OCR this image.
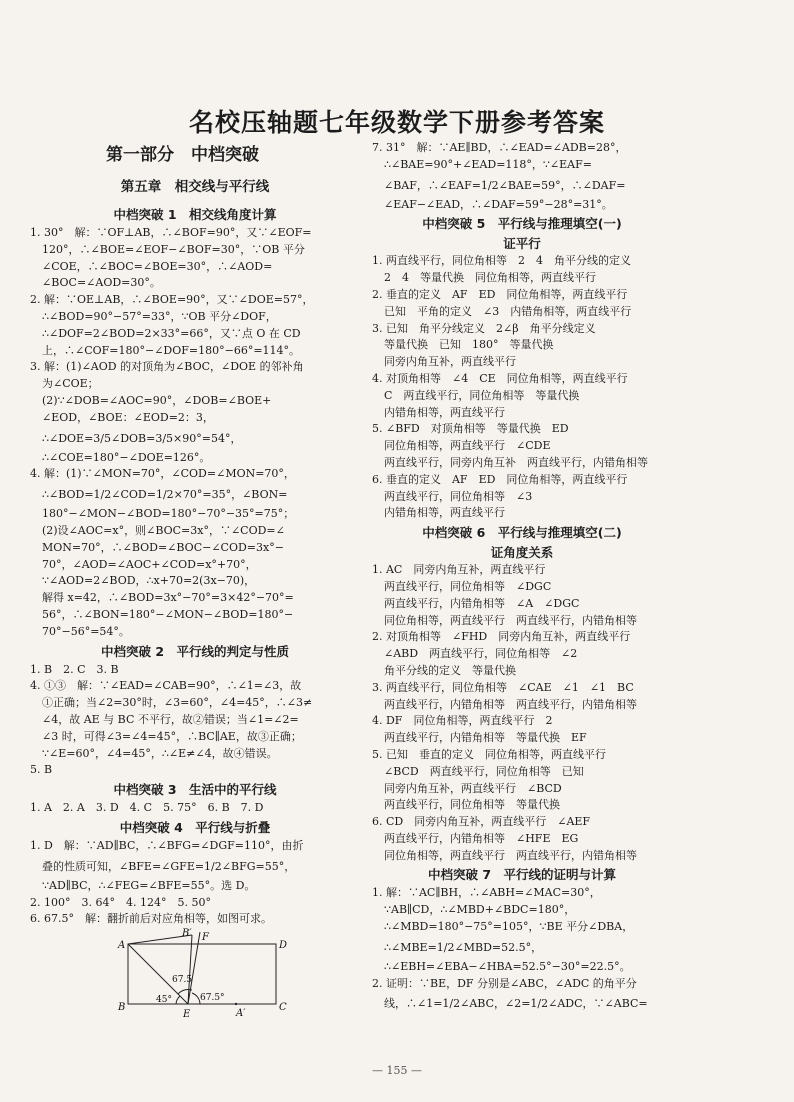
名校压轴题七年级数学下册参考答案
第一部分　中档突破
第五章　相交线与平行线
中档突破 1　相交线角度计算
1. 30°　解：∵OF⊥AB，∴∠BOF=90°，又∵∠EOF=
120°，∴∠BOE=∠EOF−∠BOF=30°，∵OB 平分
∠COE，∴∠BOC=∠BOE=30°，∴∠AOD=
∠BOC=∠AOD=30°。
2. 解：∵OE⊥AB，∴∠BOE=90°，又∵∠DOE=57°，
∴∠BOD=90°−57°=33°，∵OB 平分∠DOF，
∴∠DOF=2∠BOD=2×33°=66°，又∵点 O 在 CD
上，∴∠COF=180°−∠DOF=180°−66°=114°。
3. 解：(1)∠AOD 的对顶角为∠BOC，∠DOE 的邻补角
为∠COE；
(2)∵∠DOB=∠AOC=90°，∠DOB=∠BOE+
∠EOD，∠BOE：∠EOD=2：3，
∴∠DOE=3/5∠DOB=3/5×90°=54°，
∴∠COE=180°−∠DOE=126°。
4. 解：(1)∵∠MON=70°，∠COD=∠MON=70°，
∴∠BOD=1/2∠COD=1/2×70°=35°，∠BON=
180°−∠MON−∠BOD=180°−70°−35°=75°；
(2)设∠AOC=x°，则∠BOC=3x°，∵∠COD=∠
MON=70°，∴∠BOD=∠BOC−∠COD=3x°−
70°，∠AOD=∠AOC+∠COD=x°+70°，
∵∠AOD=2∠BOD，∴x+70=2(3x−70)，
解得 x=42，∴∠BOD=3x°−70°=3×42°−70°=
56°，∴∠BON=180°−∠MON−∠BOD=180°−
70°−56°=54°。
中档突破 2　平行线的判定与性质
1. B　2. C　3. B
4. ①③　解：∵∠EAD=∠CAB=90°，∴∠1=∠3，故
①正确；当∠2=30°时，∠3=60°，∠4=45°，∴∠3≠
∠4，故 AE 与 BC 不平行，故②错误；当∠1=∠2=
∠3 时，可得∠3=∠4=45°，∴BC∥AE，故③正确；
∵∠E=60°，∠4=45°，∴∠E≠∠4，故④错误。
5. B
中档突破 3　生活中的平行线
1. A　2. A　3. D　4. C　5. 75°　6. B　7. D
中档突破 4　平行线与折叠
1. D　解：∵AD∥BC，∴∠BFG=∠DGF=110°，由折
叠的性质可知，∠BFE=∠GFE=1/2∠BFG=55°，
∵AD∥BC，∴∠FEG=∠BFE=55°。选 D。
2. 100°　3. 64°　4. 124°　5. 50°
6. 67.5°　解：翻折前后对应角相等，如图可求。
A
B	C
D
E
F
B′
A′
67.5
45°	67.5°
7. 31°　解：∵AE∥BD，∴∠EAD=∠ADB=28°，
∴∠BAE=90°+∠EAD=118°，∵∠EAF=
∠BAF，∴∠EAF=1/2∠BAE=59°，∴∠DAF=
∠EAF−∠EAD，∴∠DAF=59°−28°=31°。
中档突破 5　平行线与推理填空(一)
证平行
1. 两直线平行，同位角相等　2　4　角平分线的定义
2　4　等量代换　同位角相等，两直线平行
2. 垂直的定义　AF　ED　同位角相等，两直线平行
已知　平角的定义　∠3　内错角相等，两直线平行
3. 已知　角平分线定义　2∠β　角平分线定义
等量代换　已知　180°　等量代换
同旁内角互补，两直线平行
4. 对顶角相等　∠4　CE　同位角相等，两直线平行
C　两直线平行，同位角相等　等量代换
内错角相等，两直线平行
5. ∠BFD　对顶角相等　等量代换　ED
同位角相等，两直线平行　∠CDE
两直线平行，同旁内角互补　两直线平行，内错角相等
6. 垂直的定义　AF　ED　同位角相等，两直线平行
两直线平行，同位角相等　∠3
内错角相等，两直线平行
中档突破 6　平行线与推理填空(二)
证角度关系
1. AC　同旁内角互补，两直线平行
两直线平行，同位角相等　∠DGC
两直线平行，内错角相等　∠A　∠DGC
同位角相等，两直线平行　两直线平行，内错角相等
2. 对顶角相等　∠FHD　同旁内角互补，两直线平行
∠ABD　两直线平行，同位角相等　∠2
角平分线的定义　等量代换
3. 两直线平行，同位角相等　∠CAE　∠1　∠1　BC
两直线平行，内错角相等　两直线平行，内错角相等
4. DF　同位角相等，两直线平行　2
两直线平行，内错角相等　等量代换　EF
5. 已知　垂直的定义　同位角相等，两直线平行
∠BCD　两直线平行，同位角相等　已知
同旁内角互补，两直线平行　∠BCD
两直线平行，同位角相等　等量代换
6. CD　同旁内角互补，两直线平行　∠AEF
两直线平行，内错角相等　∠HFE　EG
同位角相等，两直线平行　两直线平行，内错角相等
中档突破 7　平行线的证明与计算
1. 解：∵AC∥BH，∴∠ABH=∠MAC=30°，
∵AB∥CD，∴∠MBD+∠BDC=180°，
∴∠MBD=180°−75°=105°，∵BE 平分∠DBA，
∴∠MBE=1/2∠MBD=52.5°，
∴∠EBH=∠EBA−∠HBA=52.5°−30°=22.5°。
2. 证明：∵BE，DF 分别是∠ABC，∠ADC 的角平分
线，∴∠1=1/2∠ABC，∠2=1/2∠ADC，∵∠ABC=
— 155 —
